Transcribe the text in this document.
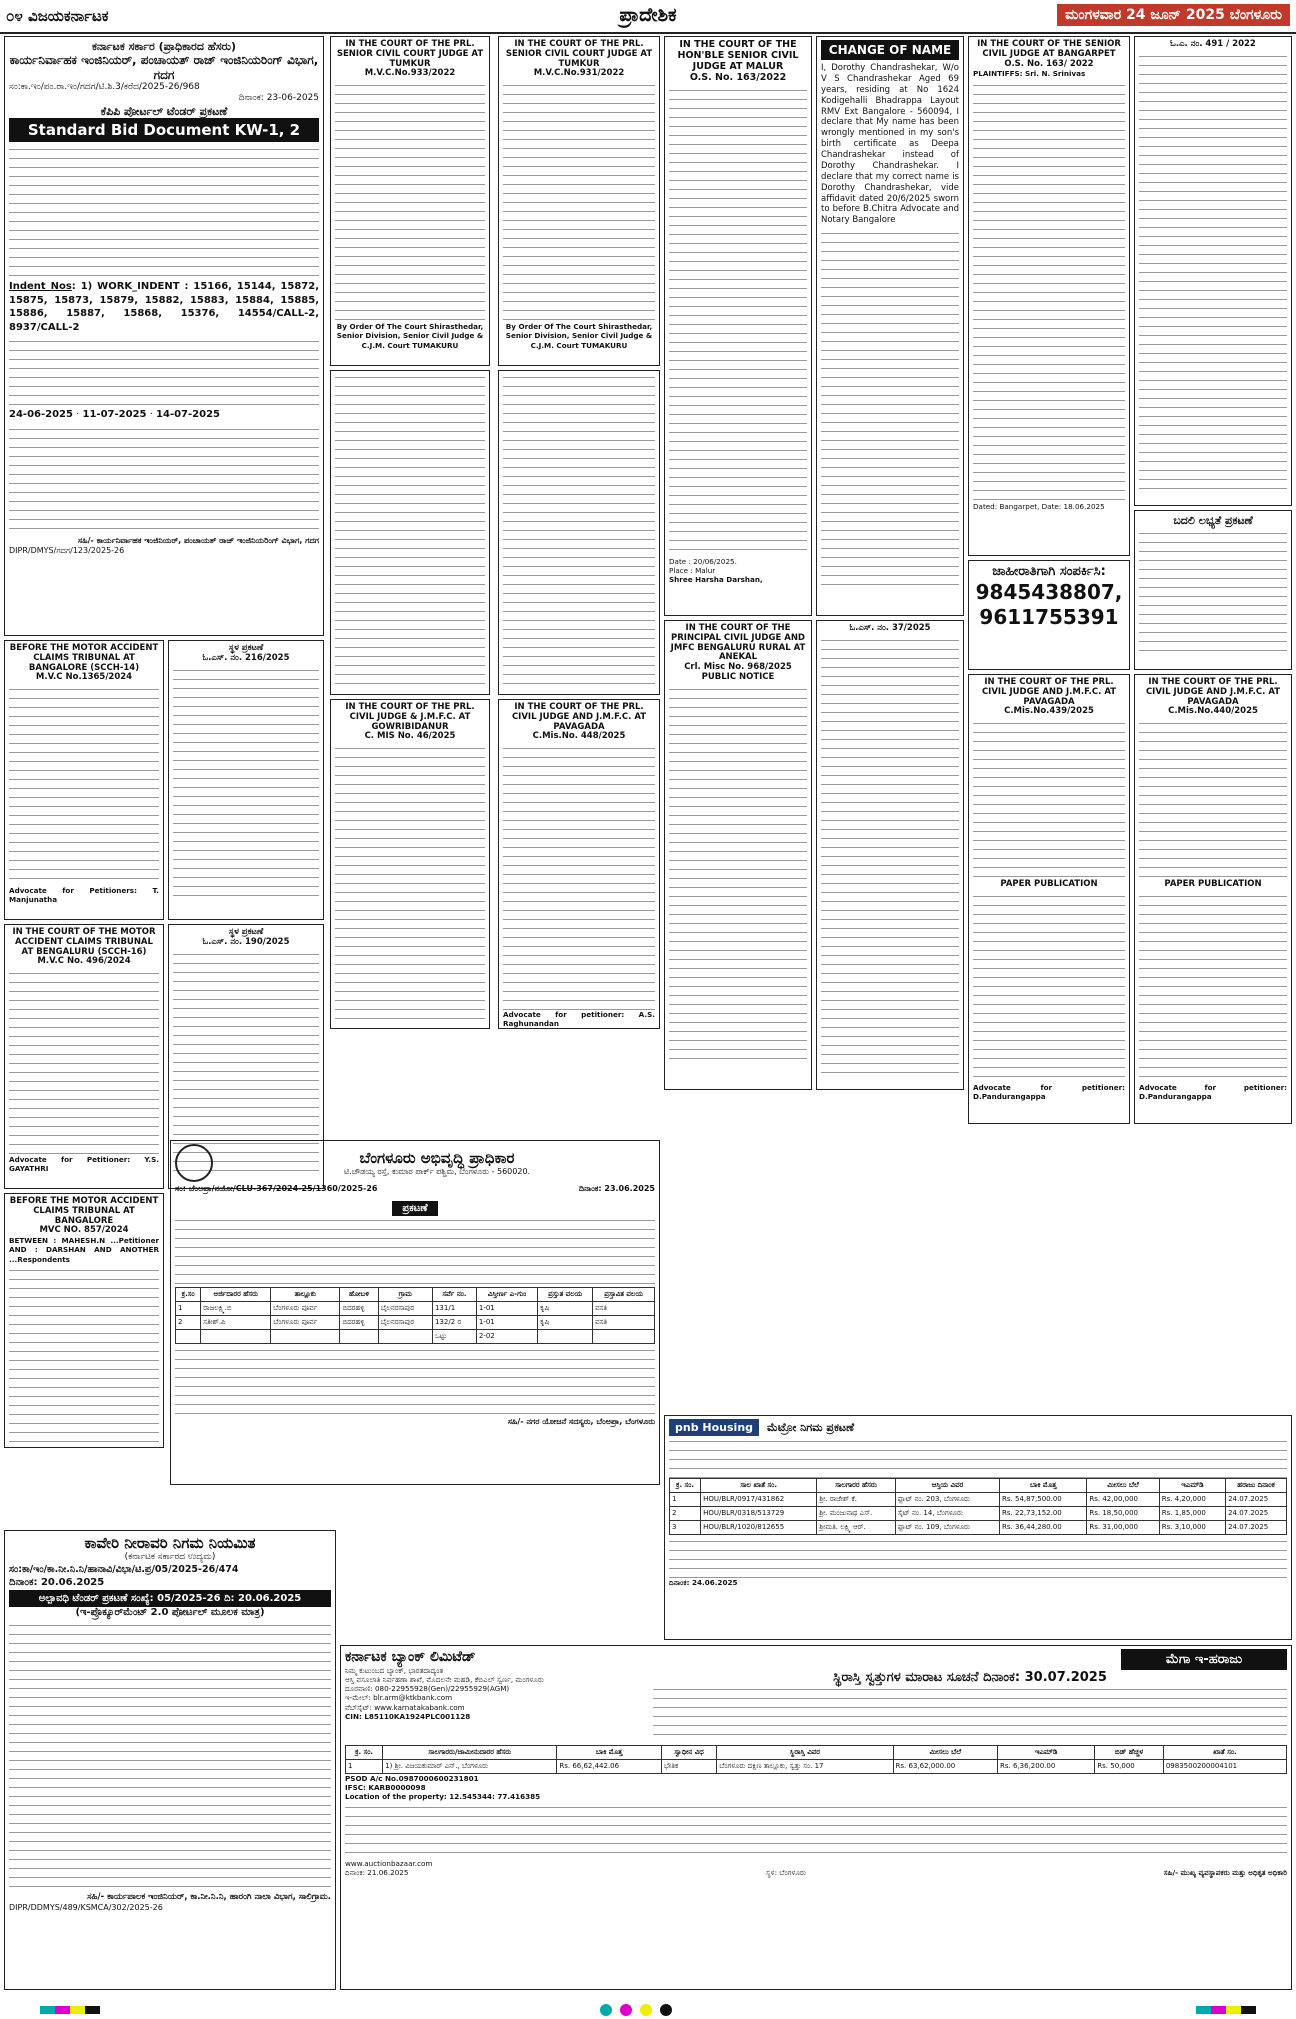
೦೪ ವಿಜಯಕರ್ನಾಟಕ	ಪ್ರಾದೇಶಿಕ	ಮಂಗಳವಾರ 24 ಜೂನ್ 2025 ಬೆಂಗಳೂರು
ಕರ್ನಾಟಕ ಸರ್ಕಾರ (ಪ್ರಾಧಿಕಾರದ ಹೆಸರು)
ಕಾರ್ಯನಿರ್ವಾಹಕ ಇಂಜಿನಿಯರ್, ಪಂಚಾಯತ್ ರಾಜ್ ಇಂಜಿನಿಯರಿಂಗ್ ವಿಭಾಗ, ಗದಗ
ಸಂ:ಕಾ.ಇಂ/ಪಂ.ರಾ.ಇಂ/ಗದಗ/ಟಿ.ಶಿ.3/ಕರೆದ/2025-26/968
ದಿನಾಂಕ: 23-06-2025
ಕೆಪಿಪಿ ಪೋರ್ಟಲ್ ಟೆಂಡರ್ ಪ್ರಕಟಣೆ
Standard Bid Document KW-1, 2
Indent Nos: 1) WORK_INDENT : 15166, 15144, 15872, 15875, 15873, 15879, 15882, 15883, 15884, 15885, 15886, 15887, 15868, 15376, 14554/CALL-2, 8937/CALL-2
24-06-2025 · 11-07-2025 · 14-07-2025
ಸಹಿ/- ಕಾರ್ಯನಿರ್ವಾಹಕ ಇಂಜಿನಿಯರ್, ಪಂಚಾಯತ್ ರಾಜ್ ಇಂಜಿನಿಯರಿಂಗ್ ವಿಭಾಗ, ಗದಗ
DIPR/DMYS/ಗದಗ/123/2025-26
BEFORE THE MOTOR ACCIDENT CLAIMS TRIBUNAL AT BANGALORE (SCCH-14)
M.V.C No.1365/2024
Advocate for Petitioners: T. Manjunatha
ಸ್ಥಳ ಪ್ರಕಟಣೆ
ಓ.ಎಸ್. ನಂ. 216/2025
IN THE COURT OF THE MOTOR ACCIDENT CLAIMS TRIBUNAL AT BENGALURU (SCCH-16)
M.V.C No. 496/2024
Advocate for Petitioner: Y.S. GAYATHRI
ಸ್ಥಳ ಪ್ರಕಟಣೆ
ಓ.ಎಸ್. ನಂ. 190/2025
BEFORE THE MOTOR ACCIDENT CLAIMS TRIBUNAL AT BANGALORE
MVC NO. 857/2024
BETWEEN : MAHESH.N ...Petitioner AND : DARSHAN AND ANOTHER ...Respondents
IN THE COURT OF THE PRL. SENIOR CIVIL COURT JUDGE AT TUMKUR
M.V.C.No.933/2022
By Order Of The Court Shirasthedar, Senior Division, Senior Civil Judge & C.J.M. Court TUMAKURU
IN THE COURT OF THE PRL. SENIOR CIVIL COURT JUDGE AT TUMKUR
M.V.C.No.931/2022
By Order Of The Court Shirasthedar, Senior Division, Senior Civil Judge & C.J.M. Court TUMAKURU
IN THE COURT OF THE PRL. CIVIL JUDGE & J.M.F.C. AT GOWRIBIDANUR
C. MIS No. 46/2025
IN THE COURT OF THE PRL. CIVIL JUDGE AND J.M.F.C. AT PAVAGADA
C.Mis.No. 448/2025
Advocate for petitioner: A.S. Raghunandan
IN THE COURT OF THE HON'BLE SENIOR CIVIL JUDGE AT MALUR
O.S. No. 163/2022
Date : 20/06/2025.
Place : Malur
Shree Harsha Darshan,
CHANGE OF NAME
I, Dorothy Chandrashekar, W/o V S Chandrashekar Aged 69 years, residing at No 1624 Kodigehalli Bhadrappa Layout RMV Ext Bangalore - 560094, I declare that My name has been wrongly mentioned in my son's birth certificate as Deepa Chandrashekar instead of Dorothy Chandrashekar. I declare that my correct name is Dorothy Chandrashekar, vide affidavit dated 20/6/2025 sworn to before B.Chitra Advocate and Notary Bangalore
IN THE COURT OF THE PRINCIPAL CIVIL JUDGE AND JMFC BENGALURU RURAL AT ANEKAL
Crl. Misc No. 968/2025
PUBLIC NOTICE
ಓ.ಎಸ್. ನಂ. 37/2025
IN THE COURT OF THE SENIOR CIVIL JUDGE AT BANGARPET
O.S. No. 163/ 2022
PLAINTIFFS: Sri. N. Srinivas
Dated: Bangarpet, Date: 18.06.2025
ಜಾಹೀರಾತಿಗಾಗಿ ಸಂಪರ್ಕಿಸಿ:
9845438807,
9611755391
IN THE COURT OF THE PRL. CIVIL JUDGE AND J.M.F.C. AT PAVAGADA
C.Mis.No.439/2025
PAPER PUBLICATION
Advocate for petitioner: D.Pandurangappa
ಓ.ಎ. ನಂ. 491 / 2022
ಬದಲಿ ಲಭ್ಯತೆ ಪ್ರಕಟಣೆ
IN THE COURT OF THE PRL. CIVIL JUDGE AND J.M.F.C. AT PAVAGADA
C.Mis.No.440/2025
PAPER PUBLICATION
Advocate for petitioner: D.Pandurangappa
ಬೆಂಗಳೂರು ಅಭಿವೃದ್ಧಿ ಪ್ರಾಧಿಕಾರ
ಟಿ.ಚೌಡಯ್ಯ ರಸ್ತೆ, ಕುಮಾರ ಪಾರ್ಕ್ ಪಶ್ಚಿಮ, ಬೆಂಗಳೂರು - 560020.
ಸಂ: ಬೆಂಅಪ್ರಾ/ನಯೋ/CLU-367/2024-25/1360/2025-26	ದಿನಾಂಕ: 23.06.2025
ಪ್ರಕಟಣೆ
ಕ್ರ.ಸಂ	ಅರ್ಜಿದಾರರ ಹೆಸರು	ತಾಲ್ಲೂಕು	ಹೋಬಳಿ	ಗ್ರಾಮ	ಸರ್ವೆ ನಂ.	ವಿಸ್ತೀರ್ಣ ಎ-ಗುಂ	ಪ್ರಸ್ತುತ ವಲಯ	ಪ್ರಸ್ತಾವಿತ ವಲಯ
1	ರಾಜಲಕ್ಷ್ಮಿ.ಬಿ	ಬೆಂಗಳೂರು ಪೂರ್ವ	ಬಿದರಹಳ್ಳಿ	ಬೈಲನರಸಾಪುರ	131/1	1-01	ಕೃಷಿ	ವಸತಿ
2	ಸತೀಶ್.ಪಿ	ಬೆಂಗಳೂರು ಪೂರ್ವ	ಬಿದರಹಳ್ಳಿ	ಬೈಲನರಸಾಪುರ	132/2 ರ	1-01	ಕೃಷಿ	ವಸತಿ
					ಒಟ್ಟು	2-02		
ಸಹಿ/- ನಗರ ಯೋಜನೆ ಸದಸ್ಯರು, ಬೆಂಅಪ್ರಾ, ಬೆಂಗಳೂರು	pnb Housing	ಮೆಟ್ರೋ ನಿಗಮ ಪ್ರಕಟಣೆ
ಕ್ರ. ಸಂ.	ಸಾಲ ಖಾತೆ ಸಂ.	ಸಾಲಗಾರರ ಹೆಸರು	ಆಸ್ತಿಯ ವಿವರ	ಬಾಕಿ ಮೊತ್ತ	ಮೀಸಲು ಬೆಲೆ	ಇಎಮ್‌ಡಿ	ಹರಾಜು ದಿನಾಂಕ
1	HOU/BLR/0917/431862	ಶ್ರೀ. ರಾಜೇಶ್ ಕೆ.	ಫ್ಲಾಟ್ ನಂ. 203, ಬೆಂಗಳೂರು	Rs. 54,87,500.00	Rs. 42,00,000	Rs. 4,20,000	24.07.2025
2	HOU/BLR/0318/513729	ಶ್ರೀ. ಮಂಜುನಾಥ ಎಸ್.	ಸೈಟ್ ನಂ. 14, ಬೆಂಗಳೂರು	Rs. 22,73,152.00	Rs. 18,50,000	Rs. 1,85,000	24.07.2025
3	HOU/BLR/1020/812655	ಶ್ರೀಮತಿ. ಲಕ್ಷ್ಮಿ ಆರ್.	ಫ್ಲಾಟ್ ನಂ. 109, ಬೆಂಗಳೂರು	Rs. 36,44,280.00	Rs. 31,00,000	Rs. 3,10,000	24.07.2025
ದಿನಾಂಕ: 24.06.2025
ಕಾವೇರಿ ನೀರಾವರಿ ನಿಗಮ ನಿಯಮಿತ
(ಕರ್ನಾಟಕ ಸರ್ಕಾರದ ಉದ್ಯಮ)
ಸಂ:ಕಾ/ಇಂ/ಕಾ.ನೀ.ನಿ.ನಿ/ಹಾನಾವಿ/ವಿಭಾ/ಟಿ.ಪ್ರ/05/2025-26/474
ದಿನಾಂಕ: 20.06.2025
ಅಲ್ಪಾವಧಿ ಟೆಂಡರ್ ಪ್ರಕಟಣೆ ಸಂಖ್ಯೆ: 05/2025-26 ದಿ: 20.06.2025
(ಇ-ಪ್ರೊಕ್ಯೂರ್‌ಮೆಂಟ್ 2.0 ಪೋರ್ಟಲ್ ಮೂಲಕ ಮಾತ್ರ)
ಸಹಿ/- ಕಾರ್ಯಪಾಲಕ ಇಂಜಿನಿಯರ್, ಕಾ.ನೀ.ನಿ.ನಿ, ಹಾರಂಗಿ ನಾಲಾ ವಿಭಾಗ, ಸಾಲಿಗ್ರಾಮ.
DIPR/DDMYS/489/KSMCA/302/2025-26
ಕರ್ನಾಟಕ ಬ್ಯಾಂಕ್ ಲಿಮಿಟೆಡ್
ನಿಮ್ಮ ಕುಟುಂಬದ ಬ್ಯಾಂಕ್, ಭಾರತದಾದ್ಯಂತ
ಆಸ್ತಿ ವಸೂಲಾತಿ ನಿರ್ವಹಣಾ ಶಾಖೆ, ಮೊದಲನೇ ಮಹಡಿ, ಕೆಬಿಎಲ್ ಸ್ವರ್ಣ, ಮಂಗಳೂರು
ದೂರವಾಣಿ: 080-22955928(Gen)/22955929(AGM)
ಇ-ಮೇಲ್: blr.arm@ktkbank.com
ವೆಬ್‌ಸೈಟ್: www.karnatakabank.com
CIN: L85110KA1924PLC001128
ಮೆಗಾ ಇ-ಹರಾಜು
ಸ್ಥಿರಾಸ್ತಿ ಸ್ವತ್ತುಗಳ ಮಾರಾಟ ಸೂಚನೆ ದಿನಾಂಕ: 30.07.2025
ಕ್ರ. ಸಂ.	ಸಾಲಗಾರರು/ಜಾಮೀನುದಾರರ ಹೆಸರು	ಬಾಕಿ ಮೊತ್ತ	ಸ್ವಾಧೀನ ವಿಧ	ಸ್ಥಿರಾಸ್ತಿ ವಿವರ	ಮೀಸಲು ಬೆಲೆ	ಇಎಮ್‌ಡಿ	ಬಿಡ್ ಹೆಚ್ಚಳ	ಖಾತೆ ಸಂ.
1	1) ಶ್ರೀ. ವಿಜಯಕುಮಾರ್ ಎನ್., ಬೆಂಗಳೂರು	Rs. 66,62,442.06	ಭೌತಿಕ	ಬೆಂಗಳೂರು ದಕ್ಷಿಣ ತಾಲ್ಲೂಕು, ಸ್ವತ್ತು ಸಂ. 17	Rs. 63,62,000.00	Rs. 6,36,200.00	Rs. 50,000	0983500200004101
PSOD A/c No.0987000600231801
IFSC: KARB0000098
Location of the property: 12.545344: 77.416385
www.auctionbazaar.com
ದಿನಾಂಕ: 21.06.2025	ಸ್ಥಳ: ಬೆಂಗಳೂರು	ಸಹಿ/- ಮುಖ್ಯ ವ್ಯವಸ್ಥಾಪಕರು ಮತ್ತು ಅಧಿಕೃತ ಅಧಿಕಾರಿ
